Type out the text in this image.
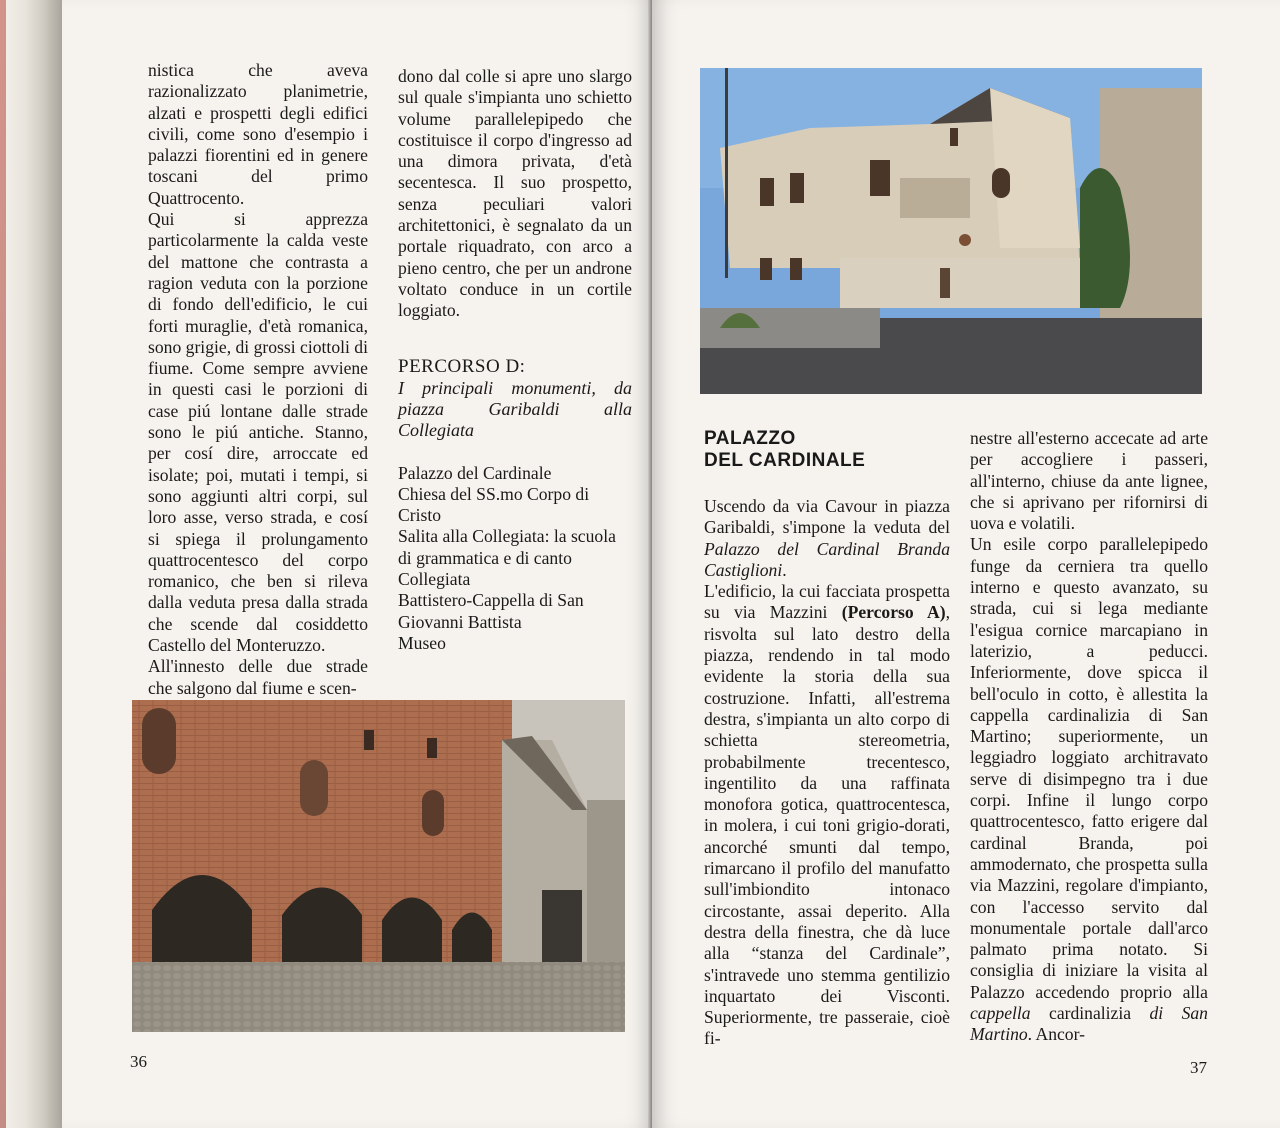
nistica che aveva razionalizzato planimetrie, alzati e prospetti degli edifici civili, come sono d'esempio i palazzi fiorentini ed in genere toscani del primo Quattrocento.

Qui si apprezza particolarmente la calda veste del mattone che contrasta a ragion veduta con la porzione di fondo dell'edificio, le cui forti muraglie, d'età romanica, sono grigie, di grossi ciottoli di fiume. Come sempre avviene in questi casi le porzioni di case piú lontane dalle strade sono le piú antiche. Stanno, per cosí dire, arroccate ed isolate; poi, mutati i tempi, si sono aggiunti altri corpi, sul loro asse, verso strada, e cosí si spiega il prolungamento quattrocentesco del corpo romanico, che ben si rileva dalla veduta presa dalla strada che scende dal cosiddetto Castello del Monteruzzo.

All'innesto delle due strade che salgono dal fiume e scen-

dono dal colle si apre uno slargo sul quale s'impianta uno schietto volume parallelepipedo che costituisce il corpo d'ingresso ad una dimora privata, d'età secentesca. Il suo prospetto, senza peculiari valori architettonici, è segnalato da un portale riquadrato, con arco a pieno centro, che per un androne voltato conduce in un cortile loggiato.

PERCORSO D:

I principali monumenti, da piazza Garibaldi alla Collegiata

Palazzo del Cardinale
Chiesa del SS.mo Corpo di Cristo
Salita alla Collegiata: la scuola di grammatica e di canto
Collegiata
Battistero-Cappella di San Giovanni Battista
Museo
36
PALAZZO
DEL CARDINALE

Uscendo da via Cavour in piazza Garibaldi, s'impone la veduta del Palazzo del Cardinal Branda Castiglioni.

L'edificio, la cui facciata prospetta su via Mazzini (Percorso A), risvolta sul lato destro della piazza, rendendo in tal modo evidente la storia della sua costruzione. Infatti, all'estrema destra, s'impianta un alto corpo di schietta stereometria, probabilmente trecentesco, ingentilito da una raffinata monofora gotica, quattrocentesca, in molera, i cui toni grigio-dorati, ancorché smunti dal tempo, rimarcano il profilo del manufatto sull'imbiondito intonaco circostante, assai deperito. Alla destra della finestra, che dà luce alla “stanza del Cardinale”, s'intravede uno stemma gentilizio inquartato dei Visconti. Superiormente, tre passeraie, cioè fi-

nestre all'esterno accecate ad arte per accogliere i passeri, all'interno, chiuse da ante lignee, che si aprivano per rifornirsi di uova e volatili.

Un esile corpo parallelepipedo funge da cerniera tra quello interno e questo avanzato, su strada, cui si lega mediante l'esigua cornice marcapiano in laterizio, a peducci. Inferiormente, dove spicca il bell'oculo in cotto, è allestita la cappella cardinalizia di San Martino; superiormente, un leggiadro loggiato architravato serve di disimpegno tra i due corpi. Infine il lungo corpo quattrocentesco, fatto erigere dal cardinal Branda, poi ammodernato, che prospetta sulla via Mazzini, regolare d'impianto, con l'accesso servito dal monumentale portale dall'arco palmato prima notato. Si consiglia di iniziare la visita al Palazzo accedendo proprio alla cappella cardinalizia di San Martino. Ancor-

37
